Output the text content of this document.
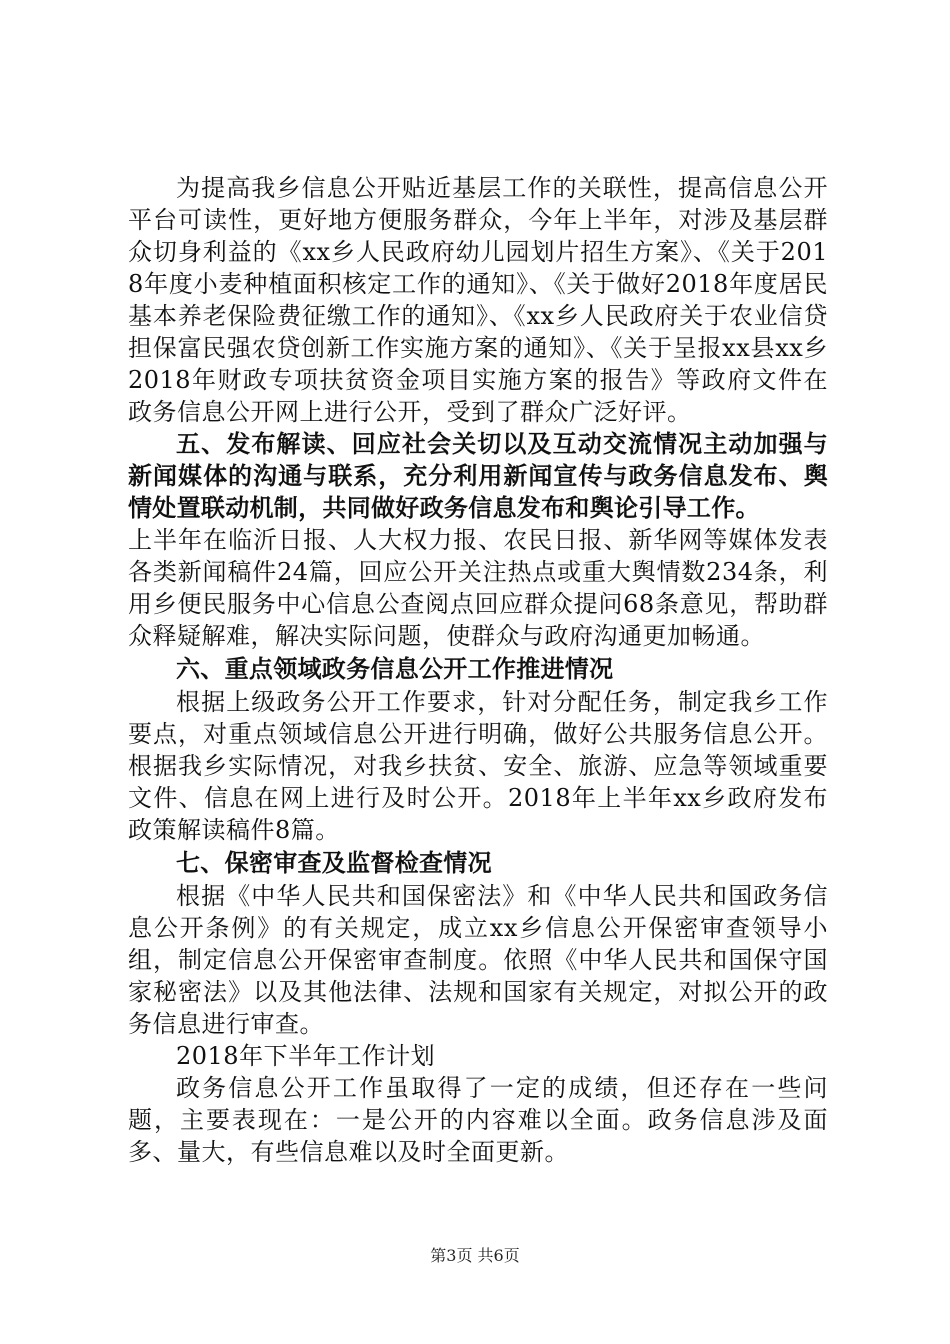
为提高我乡信息公开贴近基层工作的关联性，提高信息公开平台可读性，更好地方便服务群众，今年上半年，对涉及基层群众切身利益的《xx乡人民政府幼儿园划片招生方案》、《关于2018年度小麦种植面积核定工作的通知》、《关于做好2018年度居民基本养老保险费征缴工作的通知》、《xx乡人民政府关于农业信贷担保富民强农贷创新工作实施方案的通知》、《关于呈报xx县xx乡2018年财政专项扶贫资金项目实施方案的报告》等政府文件在政务信息公开网上进行公开，受到了群众广泛好评。

五、发布解读、回应社会关切以及互动交流情况主动加强与新闻媒体的沟通与联系，充分利用新闻宣传与政务信息发布、舆情处置联动机制，共同做好政务信息发布和舆论引导工作。

上半年在临沂日报、人大权力报、农民日报、新华网等媒体发表各类新闻稿件24篇，回应公开关注热点或重大舆情数234条，利用乡便民服务中心信息公查阅点回应群众提问68条意见，帮助群众释疑解难，解决实际问题，使群众与政府沟通更加畅通。

六、重点领域政务信息公开工作推进情况

根据上级政务公开工作要求，针对分配任务，制定我乡工作要点，对重点领域信息公开进行明确，做好公共服务信息公开。根据我乡实际情况，对我乡扶贫、安全、旅游、应急等领域重要文件、信息在网上进行及时公开。2018年上半年xx乡政府发布政策解读稿件8篇。

七、保密审查及监督检查情况

根据《中华人民共和国保密法》和《中华人民共和国政务信息公开条例》的有关规定，成立xx乡信息公开保密审查领导小组，制定信息公开保密审查制度。依照《中华人民共和国保守国家秘密法》以及其他法律、法规和国家有关规定，对拟公开的政务信息进行审查。

2018年下半年工作计划

政务信息公开工作虽取得了一定的成绩，但还存在一些问题，主要表现在：一是公开的内容难以全面。政务信息涉及面多、量大，有些信息难以及时全面更新。

第3页 共6页
